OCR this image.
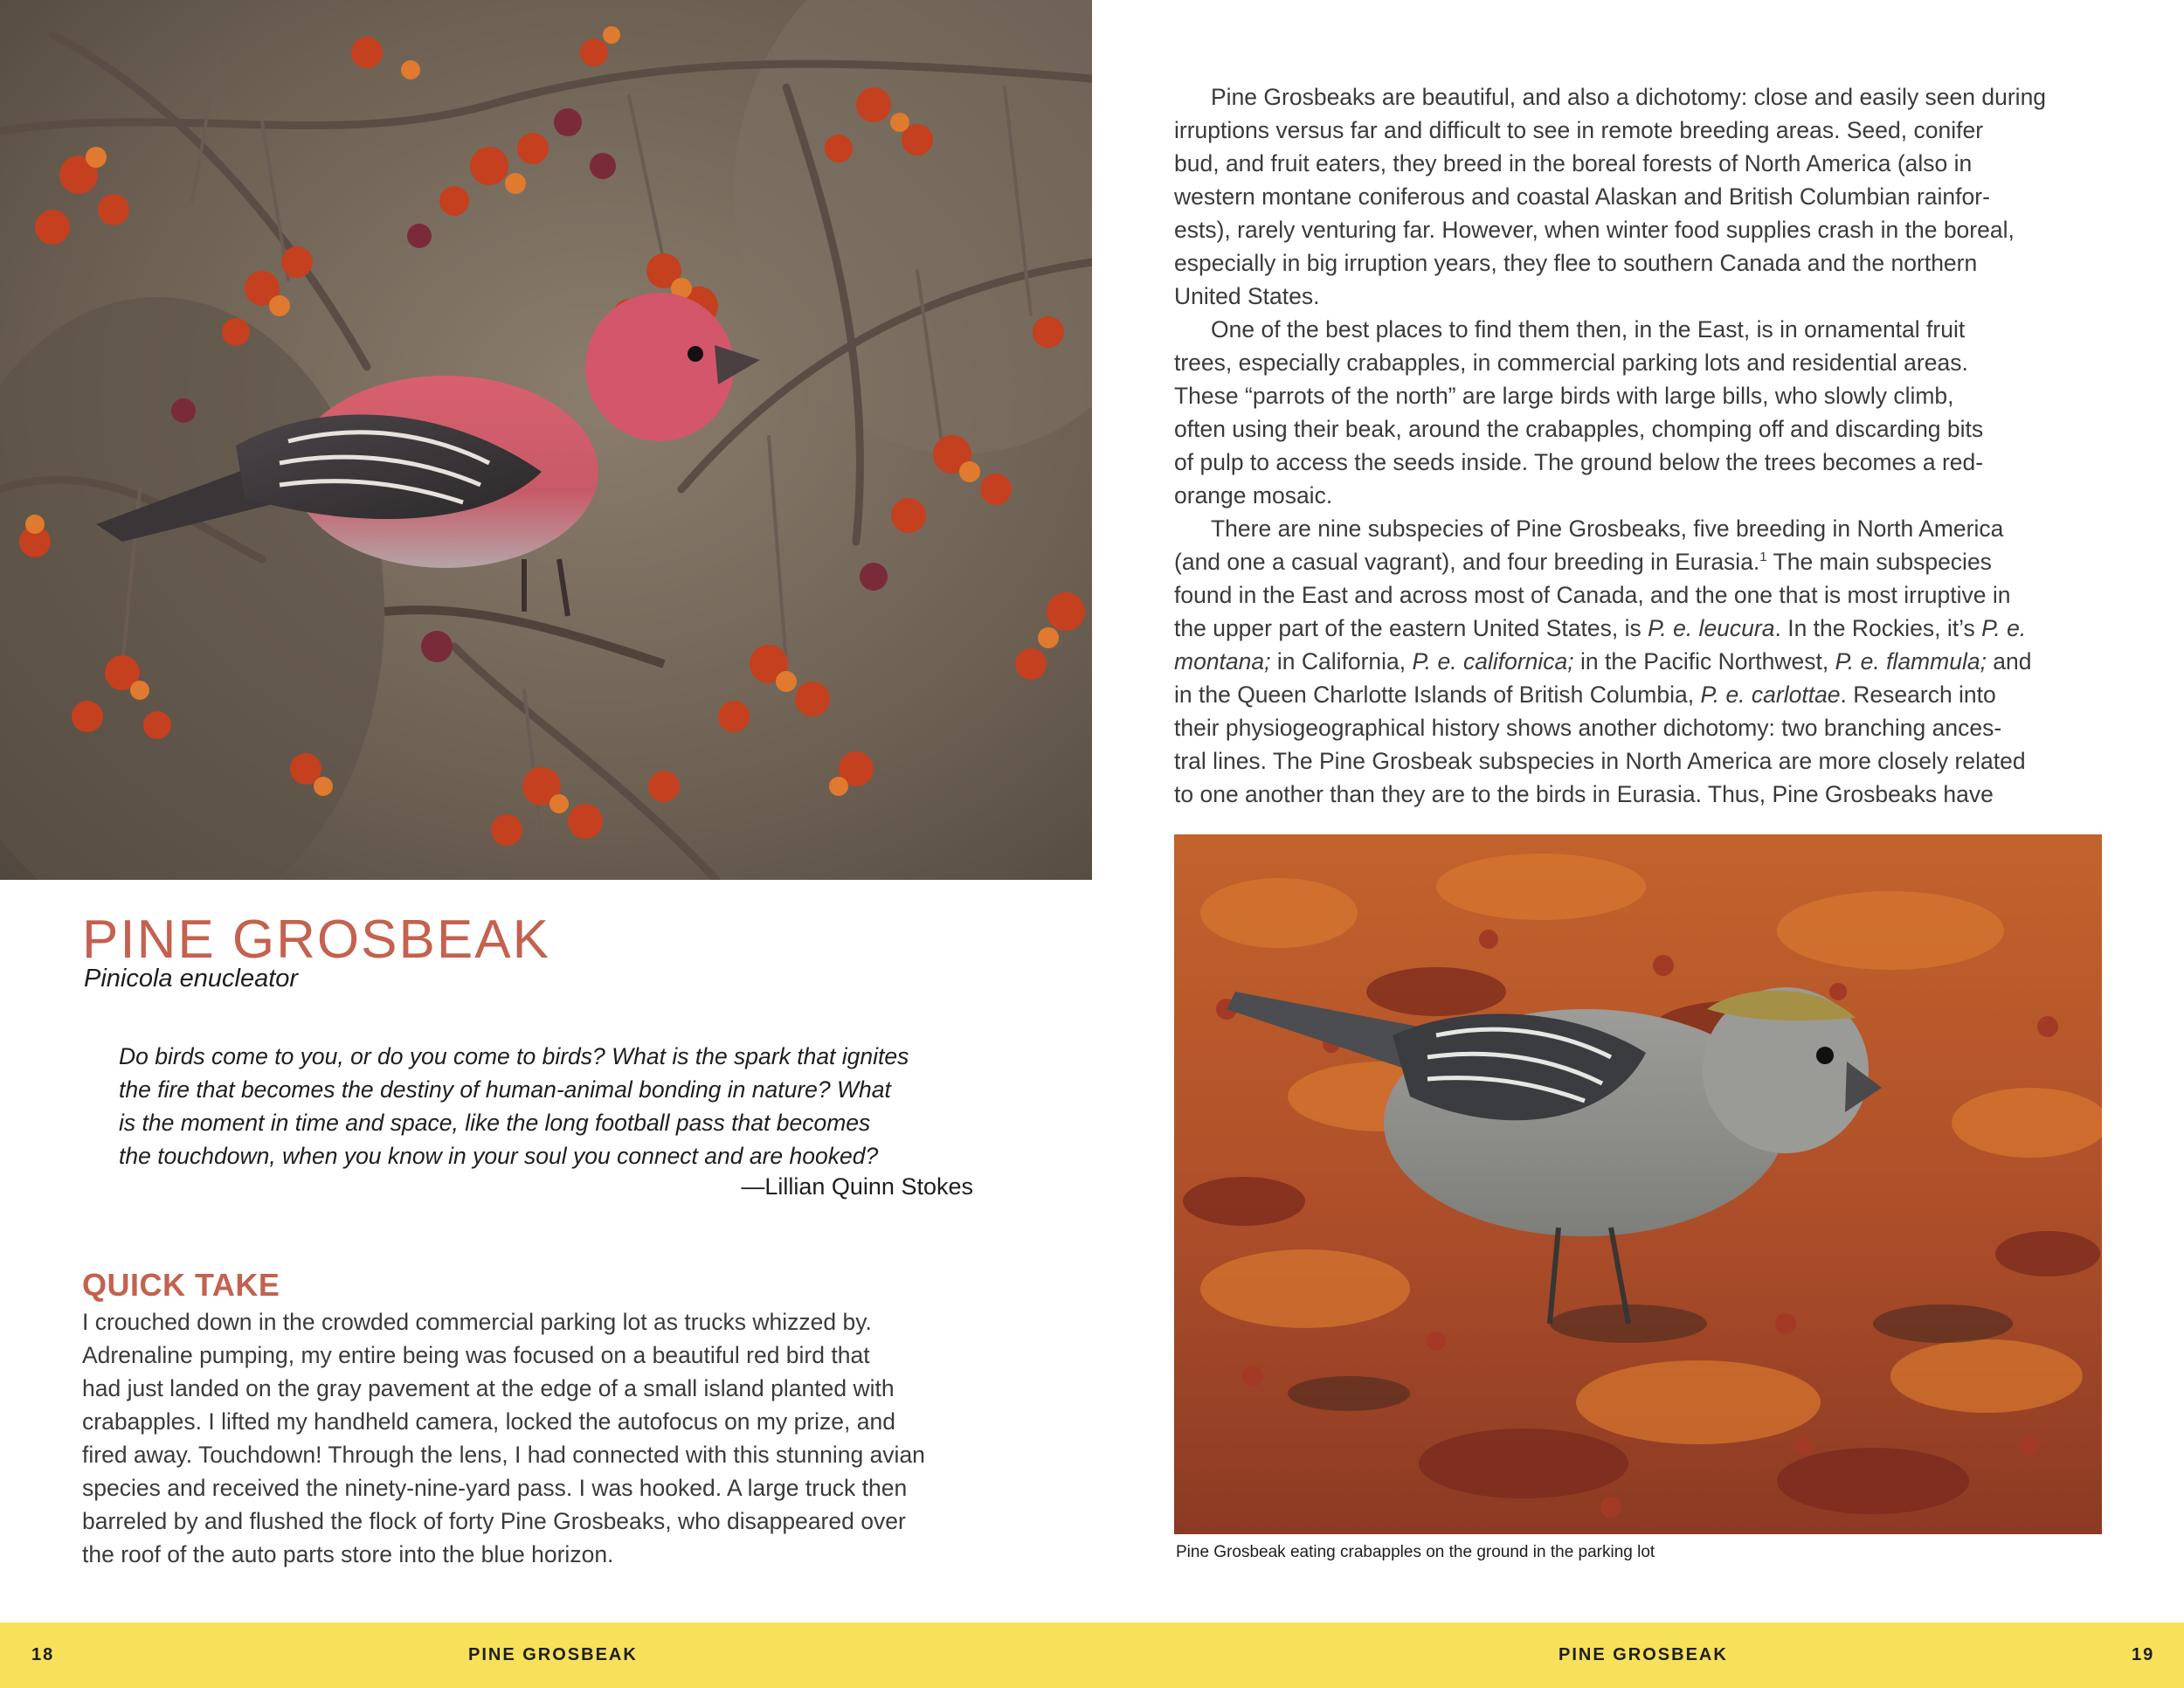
PINE GROSBEAK

Pinicola enucleator

Do birds come to you, or do you come to birds? What is the spark that ignites
the fire that becomes the destiny of human-animal bonding in nature? What
is the moment in time and space, like the long football pass that becomes
the touchdown, when you know in your soul you connect and are hooked?

—Lillian Quinn Stokes
QUICK TAKE

I crouched down in the crowded commercial parking lot as trucks whizzed by.
Adrenaline pumping, my entire being was focused on a beautiful red bird that
had just landed on the gray pavement at the edge of a small island planted with
crabapples. I lifted my handheld camera, locked the autofocus on my prize, and
fired away. Touchdown! Through the lens, I had connected with this stunning avian
species and received the ninety-nine-yard pass. I was hooked. A large truck then
barreled by and flushed the flock of forty Pine Grosbeaks, who disappeared over
the roof of the auto parts store into the blue horizon.

Pine Grosbeaks are beautiful, and also a dichotomy: close and easily seen during
irruptions versus far and difficult to see in remote breeding areas. Seed, conifer
bud, and fruit eaters, they breed in the boreal forests of North America (also in
western montane coniferous and coastal Alaskan and British Columbian rainfor-
ests), rarely venturing far. However, when winter food supplies crash in the boreal,
especially in big irruption years, they flee to southern Canada and the northern
United States.
One of the best places to find them then, in the East, is in ornamental fruit
trees, especially crabapples, in commercial parking lots and residential areas.
These “parrots of the north” are large birds with large bills, who slowly climb,
often using their beak, around the crabapples, chomping off and discarding bits
of pulp to access the seeds inside. The ground below the trees becomes a red-
orange mosaic.
There are nine subspecies of Pine Grosbeaks, five breeding in North America
(and one a casual vagrant), and four breeding in Eurasia.$^1$ The main subspecies
found in the East and across most of Canada, and the one that is most irruptive in
the upper part of the eastern United States, is P. e. leucura. In the Rockies, it’s P. e.
montana; in California, P. e. californica; in the Pacific Northwest, P. e. flammula; and
in the Queen Charlotte Islands of British Columbia, P. e. carlottae. Research into
their physiogeographical history shows another dichotomy: two branching ances-
tral lines. The Pine Grosbeak subspecies in North America are more closely related
to one another than they are to the birds in Eurasia. Thus, Pine Grosbeaks have

Pine Grosbeak eating crabapples on the ground in the parking lot

18	PINE GROSBEAK	PINE GROSBEAK	19
